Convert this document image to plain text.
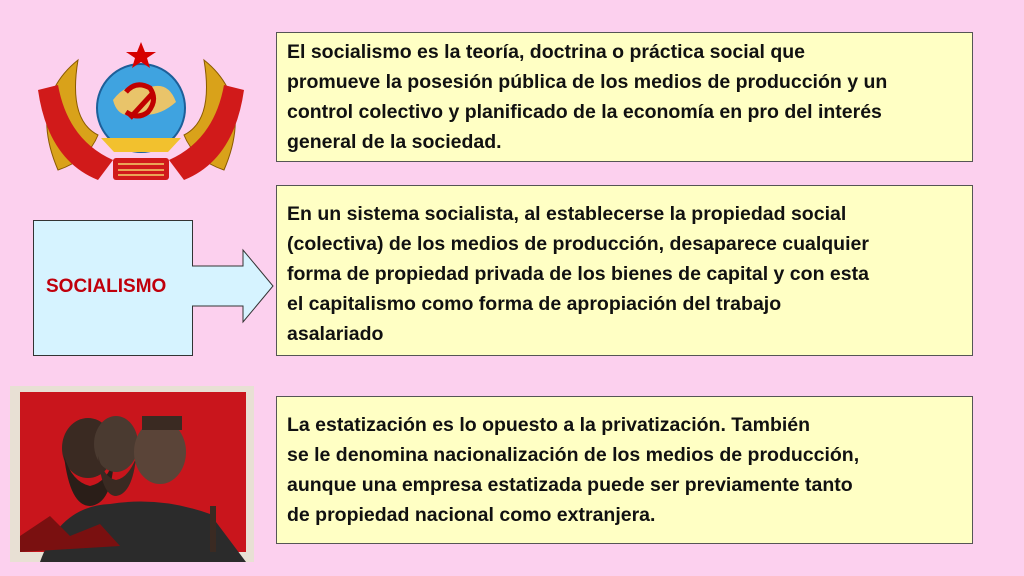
El socialismo es la teoría, doctrina o práctica social que
promueve la posesión pública de los medios de producción y un
control colectivo y planificado de la economía en pro del interés
general de la sociedad.
SOCIALISMO
En un sistema socialista, al establecerse la propiedad social
(colectiva) de los medios de producción, desaparece cualquier
forma de propiedad privada de los bienes de capital y con esta
el capitalismo como forma de apropiación del trabajo
asalariado
La estatización es lo opuesto a la privatización. También
se le denomina nacionalización de los medios de producción,
aunque una empresa estatizada puede ser previamente tanto
de propiedad nacional como extranjera.
